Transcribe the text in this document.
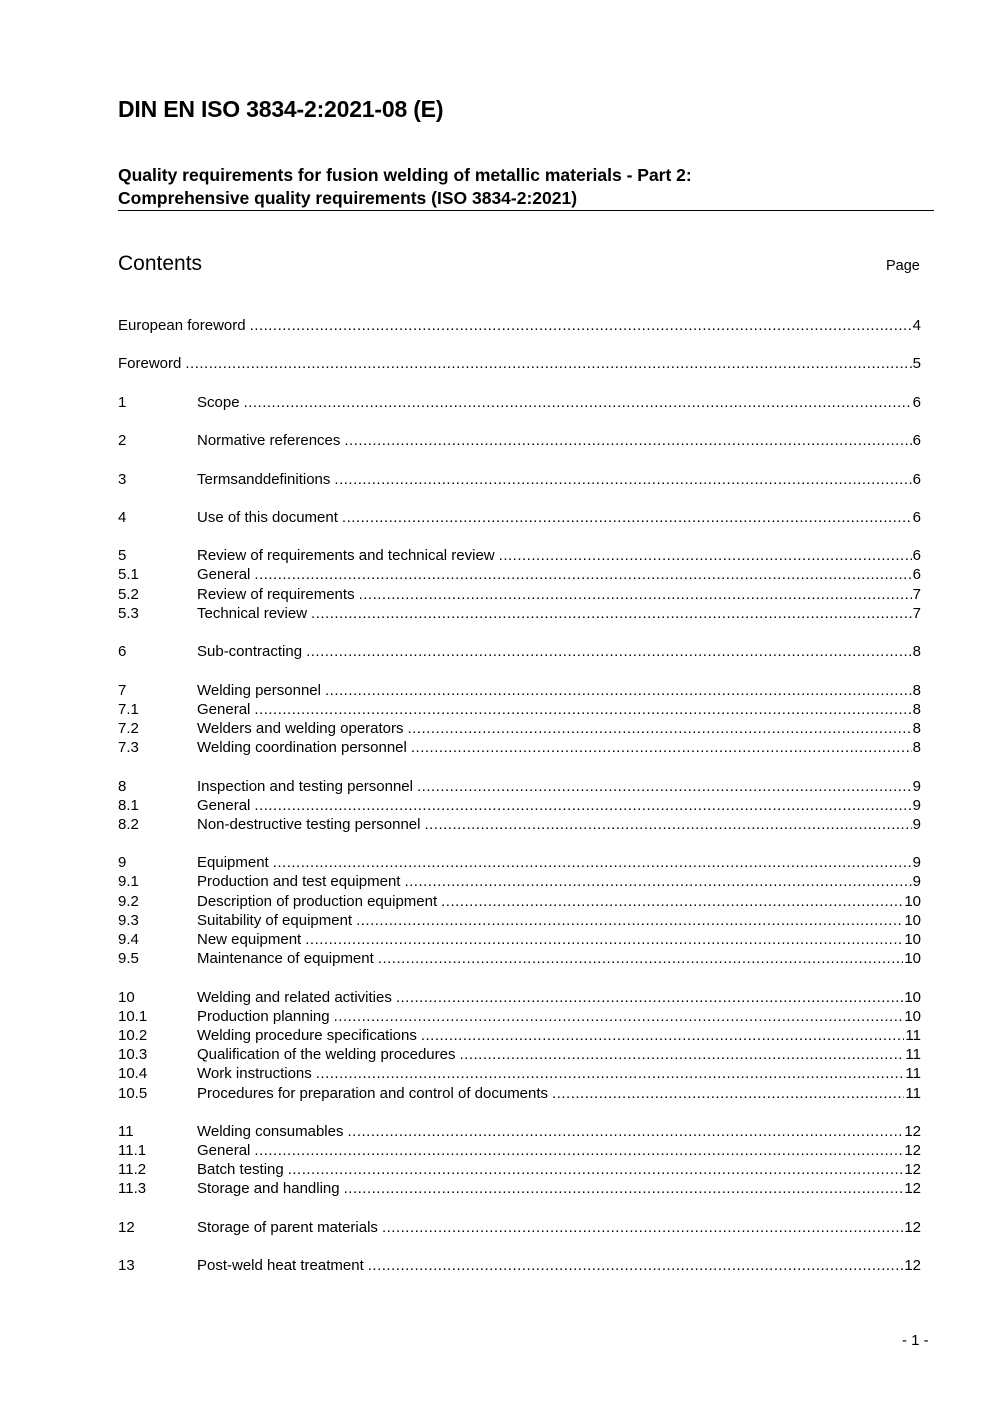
DIN EN ISO 3834-2:2021-08 (E)
Quality requirements for fusion welding of metallic materials - Part 2:
Comprehensive quality requirements (ISO 3834-2:2021)
Contents	Page
European foreword .....	4
Foreword .....	5
1	Scope .....	6
2	Normative references .....	6
3	Termsanddefinitions .....	6
4	Use of this document .....	6
5	Review of requirements and technical review .....	6
5.1	General .....	6
5.2	Review of requirements .....	7
5.3	Technical review .....	7
6	Sub-contracting .....	8
7	Welding personnel .....	8
7.1	General .....	8
7.2	Welders and welding operators .....	8
7.3	Welding coordination personnel .....	8
8	Inspection and testing personnel .....	9
8.1	General .....	9
8.2	Non-destructive testing personnel .....	9
9	Equipment .....	9
9.1	Production and test equipment .....	9
9.2	Description of production equipment .....	10
9.3	Suitability of equipment .....	10
9.4	New equipment .....	10
9.5	Maintenance of equipment .....	10
10	Welding and related activities .....	10
10.1	Production planning .....	10
10.2	Welding procedure specifications .....	11
10.3	Qualification of the welding procedures .....	11
10.4	Work instructions .....	11
10.5	Procedures for preparation and control of documents .....	11
11	Welding consumables .....	12
11.1	General .....	12
11.2	Batch testing .....	12
11.3	Storage and handling .....	12
12	Storage of parent materials .....	12
13	Post-weld heat treatment .....	12
- 1 -
